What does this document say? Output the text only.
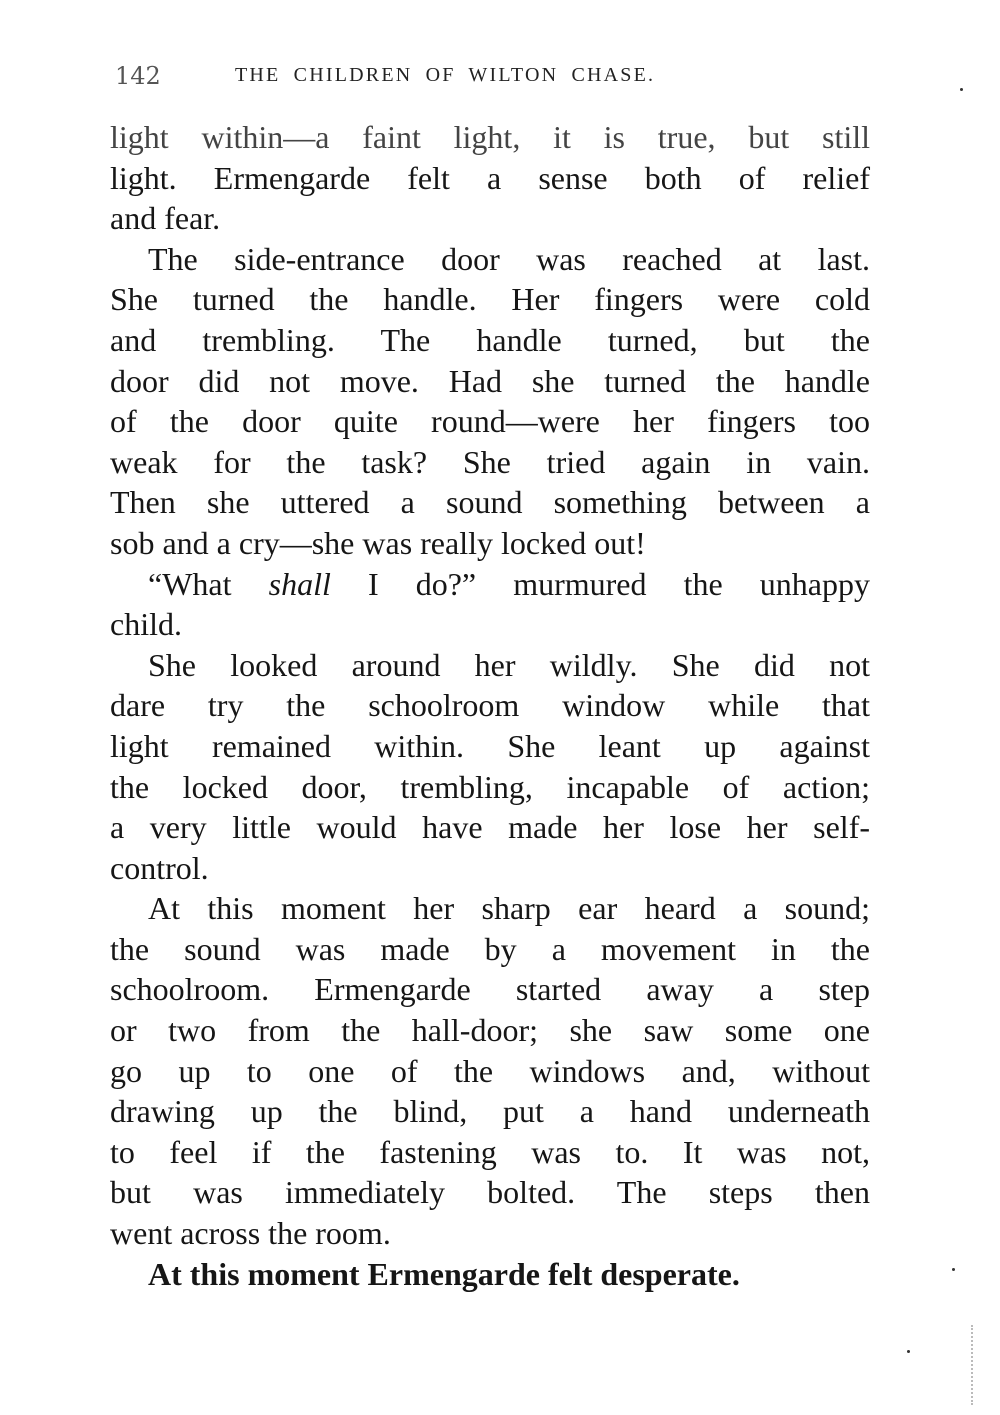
142	THE CHILDREN OF WILTON CHASE.
light within—a faint light, it is true, but still
light. Ermengarde felt a sense both of relief
and fear.
The side-entrance door was reached at last.
She turned the handle. Her fingers were cold
and trembling. The handle turned, but the
door did not move. Had she turned the handle
of the door quite round—were her fingers too
weak for the task? She tried again in vain.
Then she uttered a sound something between a
sob and a cry—she was really locked out!
“What shall I do?” murmured the unhappy
child.
She looked around her wildly. She did not
dare try the schoolroom window while that
light remained within. She leant up against
the locked door, trembling, incapable of action;
a very little would have made her lose her self-
control.
At this moment her sharp ear heard a sound;
the sound was made by a movement in the
schoolroom. Ermengarde started away a step
or two from the hall-door; she saw some one
go up to one of the windows and, without
drawing up the blind, put a hand underneath
to feel if the fastening was to. It was not,
but was immediately bolted. The steps then
went across the room.
At this moment Ermengarde felt desperate.
